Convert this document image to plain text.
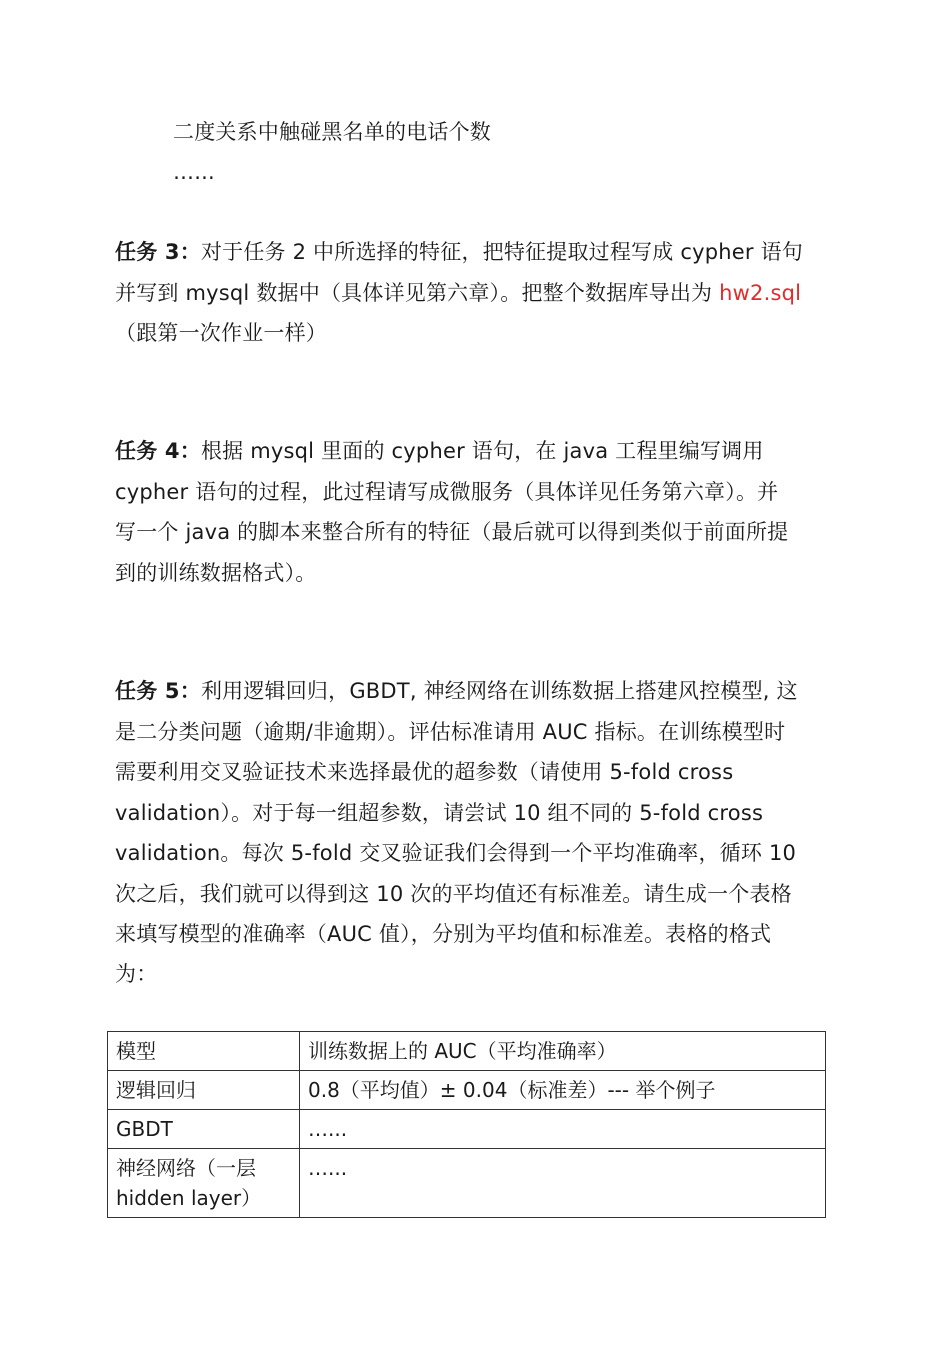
二度关系中触碰黑名单的电话个数
…...
任务 3：对于任务 2 中所选择的特征，把特征提取过程写成 cypher 语句
并写到 mysql 数据中（具体详见第六章）。把整个数据库导出为 hw2.sql
（跟第一次作业一样）
任务 4：根据 mysql 里面的 cypher 语句，在 java 工程里编写调用
cypher 语句的过程，此过程请写成微服务（具体详见任务第六章）。并
写一个 java 的脚本来整合所有的特征（最后就可以得到类似于前面所提
到的训练数据格式）。
任务 5：利用逻辑回归，GBDT, 神经网络在训练数据上搭建风控模型, 这
是二分类问题（逾期/非逾期）。评估标准请用 AUC 指标。在训练模型时
需要利用交叉验证技术来选择最优的超参数（请使用 5-fold cross
validation）。对于每一组超参数，请尝试 10 组不同的 5-fold cross
validation。每次 5-fold 交叉验证我们会得到一个平均准确率，循环 10
次之后，我们就可以得到这 10 次的平均值还有标准差。请生成一个表格
来填写模型的准确率（AUC 值），分别为平均值和标准差。表格的格式
为：
模型	训练数据上的 AUC（平均准确率）
逻辑回归	0.8（平均值）± 0.04（标准差）--- 举个例子
GBDT	…...
神经网络（一层 hidden layer）	…...
